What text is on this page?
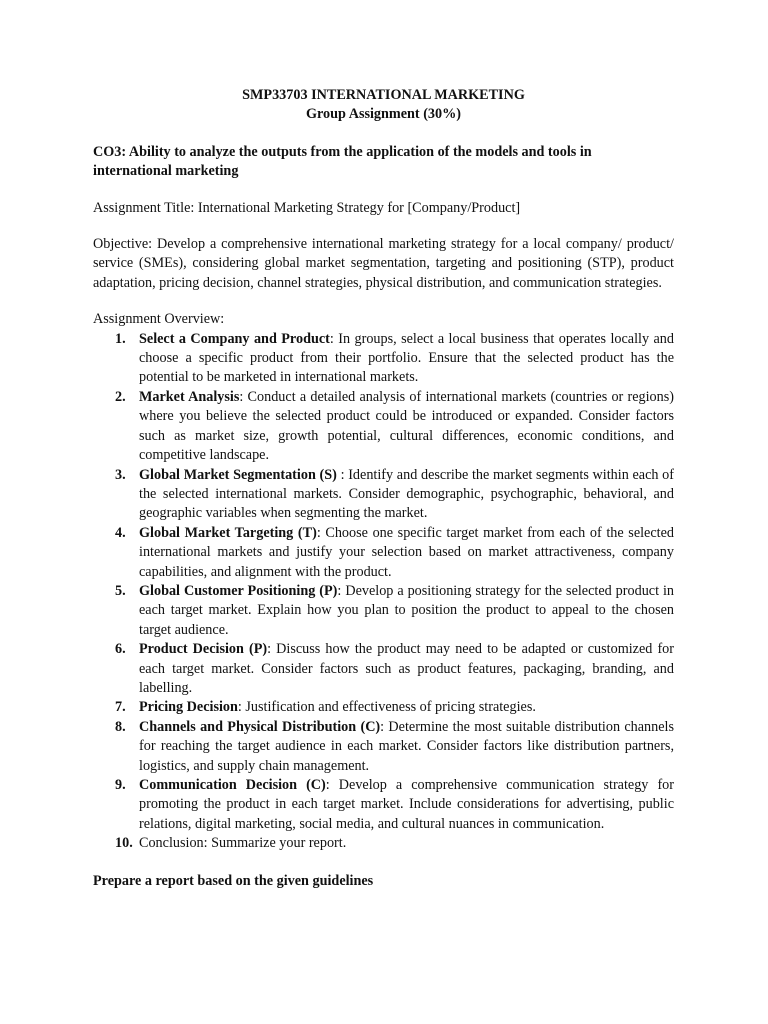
SMP33703 INTERNATIONAL MARKETING

Group Assignment (30%)

CO3: Ability to analyze the outputs from the application of the models and tools in international marketing

Assignment Title: International Marketing Strategy for [Company/Product]

Objective: Develop a comprehensive international marketing strategy for a local company/ product/ service (SMEs), considering global market segmentation, targeting and positioning (STP), product adaptation, pricing decision, channel strategies, physical distribution, and communication strategies.

Assignment Overview:

1. Select a Company and Product: In groups, select a local business that operates locally and choose a specific product from their portfolio. Ensure that the selected product has the potential to be marketed in international markets.
2. Market Analysis: Conduct a detailed analysis of international markets (countries or regions) where you believe the selected product could be introduced or expanded. Consider factors such as market size, growth potential, cultural differences, economic conditions, and competitive landscape.
3. Global Market Segmentation (S) : Identify and describe the market segments within each of the selected international markets. Consider demographic, psychographic, behavioral, and geographic variables when segmenting the market.
4. Global Market Targeting (T): Choose one specific target market from each of the selected international markets and justify your selection based on market attractiveness, company capabilities, and alignment with the product.
5. Global Customer Positioning (P): Develop a positioning strategy for the selected product in each target market. Explain how you plan to position the product to appeal to the chosen target audience.
6. Product Decision (P): Discuss how the product may need to be adapted or customized for each target market. Consider factors such as product features, packaging, branding, and labelling.
7. Pricing Decision: Justification and effectiveness of pricing strategies.
8. Channels and Physical Distribution (C): Determine the most suitable distribution channels for reaching the target audience in each market. Consider factors like distribution partners, logistics, and supply chain management.
9. Communication Decision (C): Develop a comprehensive communication strategy for promoting the product in each target market. Include considerations for advertising, public relations, digital marketing, social media, and cultural nuances in communication.
10. Conclusion: Summarize your report.

Prepare a report based on the given guidelines
